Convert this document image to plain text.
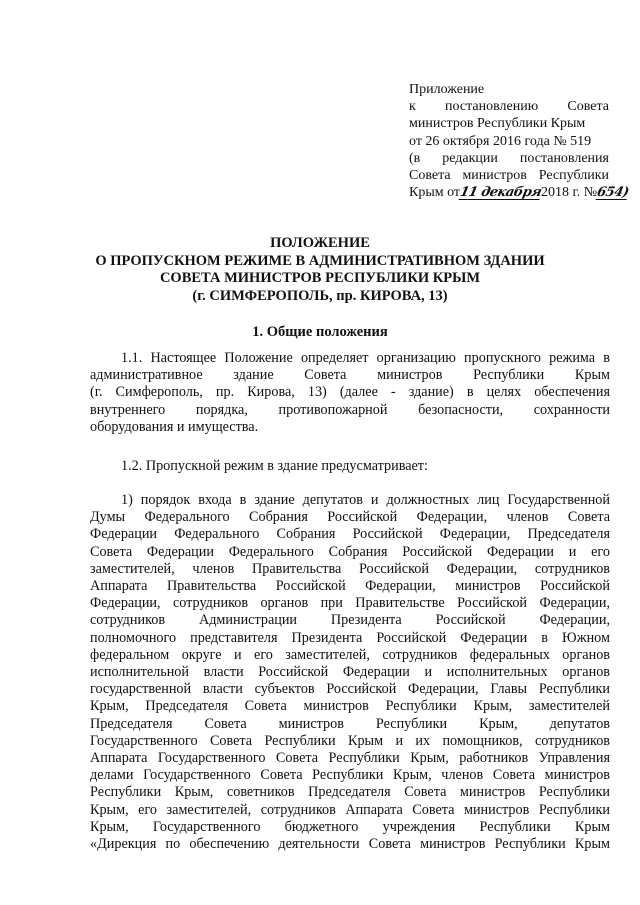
Приложение
к постановлению Совета
министров Республики Крым
от 26 октября 2016 года № 519
(в редакции постановления
Совета министров Республики
Крым от11 декабря2018 г. №654)
ПОЛОЖЕНИЕ
О ПРОПУСКНОМ РЕЖИМЕ В АДМИНИСТРАТИВНОМ ЗДАНИИ
СОВЕТА МИНИСТРОВ РЕСПУБЛИКИ КРЫМ
(г. СИМФЕРОПОЛЬ, пр. КИРОВА, 13)
1. Общие положения
1.1. Настоящее Положение определяет организацию пропускного режима в
административное здание Совета министров Республики Крым
(г. Симферополь, пр. Кирова, 13) (далее - здание) в целях обеспечения
внутреннего порядка, противопожарной безопасности, сохранности
оборудования и имущества.
1.2. Пропускной режим в здание предусматривает:
1) порядок входа в здание депутатов и должностных лиц Государственной
Думы Федерального Собрания Российской Федерации, членов Совета
Федерации Федерального Собрания Российской Федерации, Председателя
Совета Федерации Федерального Собрания Российской Федерации и его
заместителей, членов Правительства Российской Федерации, сотрудников
Аппарата Правительства Российской Федерации, министров Российской
Федерации, сотрудников органов при Правительстве Российской Федерации,
сотрудников Администрации Президента Российской Федерации,
полномочного представителя Президента Российской Федерации в Южном
федеральном округе и его заместителей, сотрудников федеральных органов
исполнительной власти Российской Федерации и исполнительных органов
государственной власти субъектов Российской Федерации, Главы Республики
Крым, Председателя Совета министров Республики Крым, заместителей
Председателя Совета министров Республики Крым, депутатов
Государственного Совета Республики Крым и их помощников, сотрудников
Аппарата Государственного Совета Республики Крым, работников Управления
делами Государственного Совета Республики Крым, членов Совета министров
Республики Крым, советников Председателя Совета министров Республики
Крым, его заместителей, сотрудников Аппарата Совета министров Республики
Крым, Государственного бюджетного учреждения Республики Крым
«Дирекция по обеспечению деятельности Совета министров Республики Крым
